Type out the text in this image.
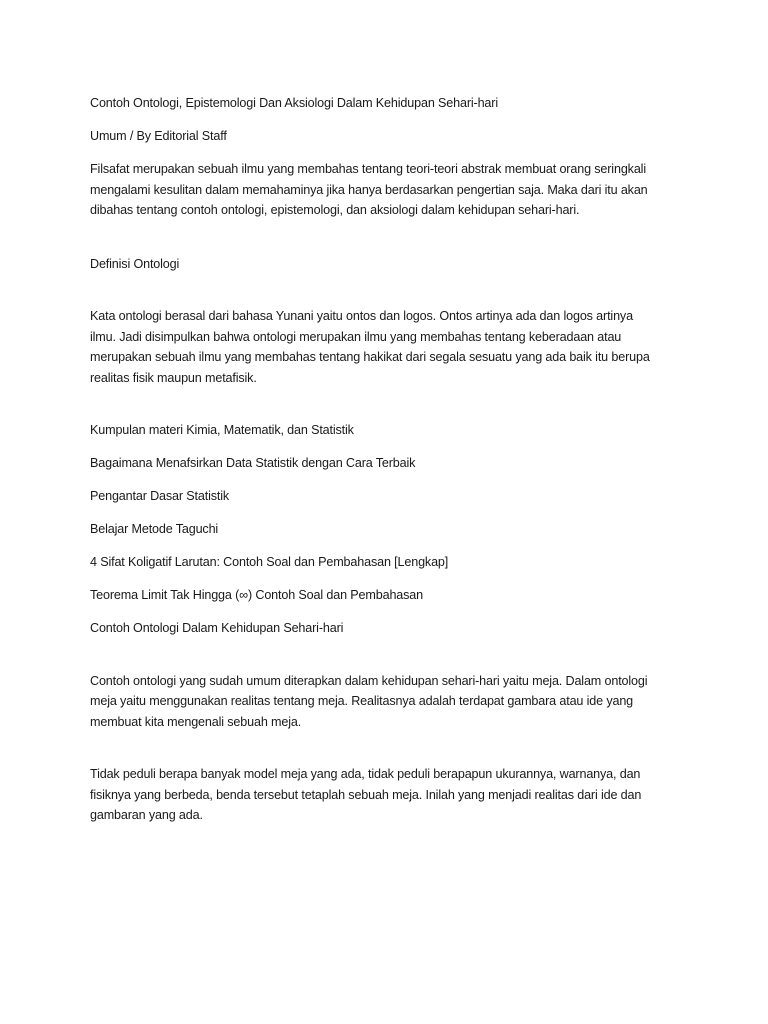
Contoh Ontologi, Epistemologi Dan Aksiologi Dalam Kehidupan Sehari-hari

Umum / By Editorial Staff

Filsafat merupakan sebuah ilmu yang membahas tentang teori-teori abstrak membuat orang seringkali

mengalami kesulitan dalam memahaminya jika hanya berdasarkan pengertian saja. Maka dari itu akan

dibahas tentang contoh ontologi, epistemologi, dan aksiologi dalam kehidupan sehari-hari.

Definisi Ontologi

Kata ontologi berasal dari bahasa Yunani yaitu ontos dan logos. Ontos artinya ada dan logos artinya

ilmu. Jadi disimpulkan bahwa ontologi merupakan ilmu yang membahas tentang keberadaan atau

merupakan sebuah ilmu yang membahas tentang hakikat dari segala sesuatu yang ada baik itu berupa

realitas fisik maupun metafisik.

Kumpulan materi Kimia, Matematik, dan Statistik

Bagaimana Menafsirkan Data Statistik dengan Cara Terbaik

Pengantar Dasar Statistik

Belajar Metode Taguchi

4 Sifat Koligatif Larutan: Contoh Soal dan Pembahasan [Lengkap]

Teorema Limit Tak Hingga (∞) Contoh Soal dan Pembahasan

Contoh Ontologi Dalam Kehidupan Sehari-hari

Contoh ontologi yang sudah umum diterapkan dalam kehidupan sehari-hari yaitu meja. Dalam ontologi

meja yaitu menggunakan realitas tentang meja. Realitasnya adalah terdapat gambara atau ide yang

membuat kita mengenali sebuah meja.

Tidak peduli berapa banyak model meja yang ada, tidak peduli berapapun ukurannya, warnanya, dan

fisiknya yang berbeda, benda tersebut tetaplah sebuah meja. Inilah yang menjadi realitas dari ide dan

gambaran yang ada.
